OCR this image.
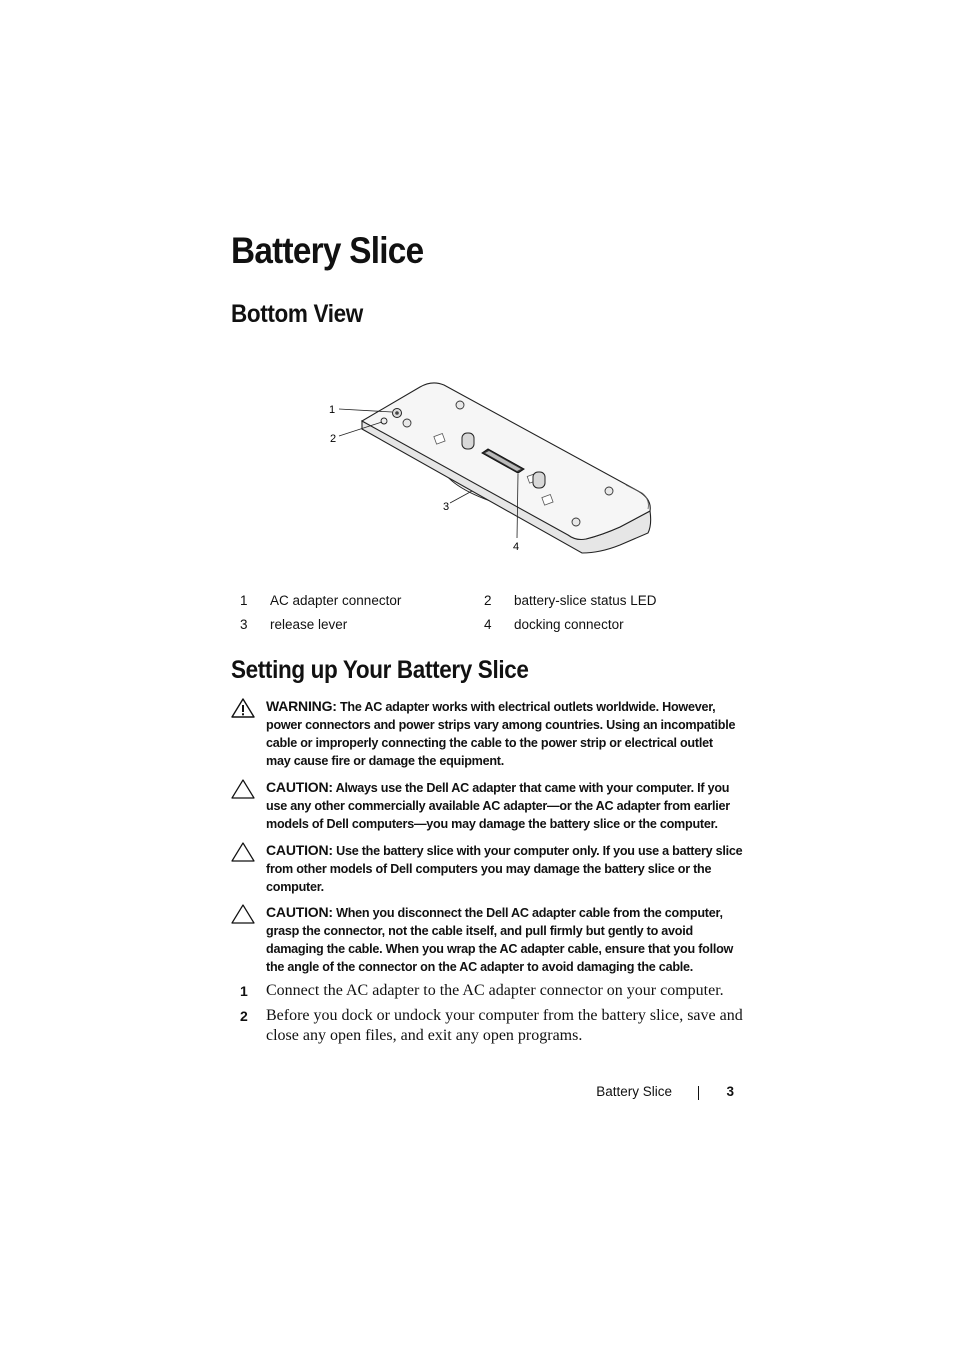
Battery Slice
Bottom View
1
2
3
4
1	AC adapter connector	2	battery-slice status LED
3	release lever	4	docking connector
Setting up Your Battery Slice
WARNING: The AC adapter works with electrical outlets worldwide. However,
power connectors and power strips vary among countries. Using an incompatible
cable or improperly connecting the cable to the power strip or electrical outlet
may cause fire or damage the equipment.
CAUTION: Always use the Dell AC adapter that came with your computer. If you
use any other commercially available AC adapter—or the AC adapter from earlier
models of Dell computers—you may damage the battery slice or the computer.
CAUTION: Use the battery slice with your computer only. If you use a battery slice
from other models of Dell computers you may damage the battery slice or the
computer.
CAUTION: When you disconnect the Dell AC adapter cable from the computer,
grasp the connector, not the cable itself, and pull firmly but gently to avoid
damaging the cable. When you wrap the AC adapter cable, ensure that you follow
the angle of the connector on the AC adapter to avoid damaging the cable.
1 Connect the AC adapter to the AC adapter connector on your computer.
2 Before you dock or undock your computer from the battery slice, save and
close any open files, and exit any open programs.
Battery Slice	3
